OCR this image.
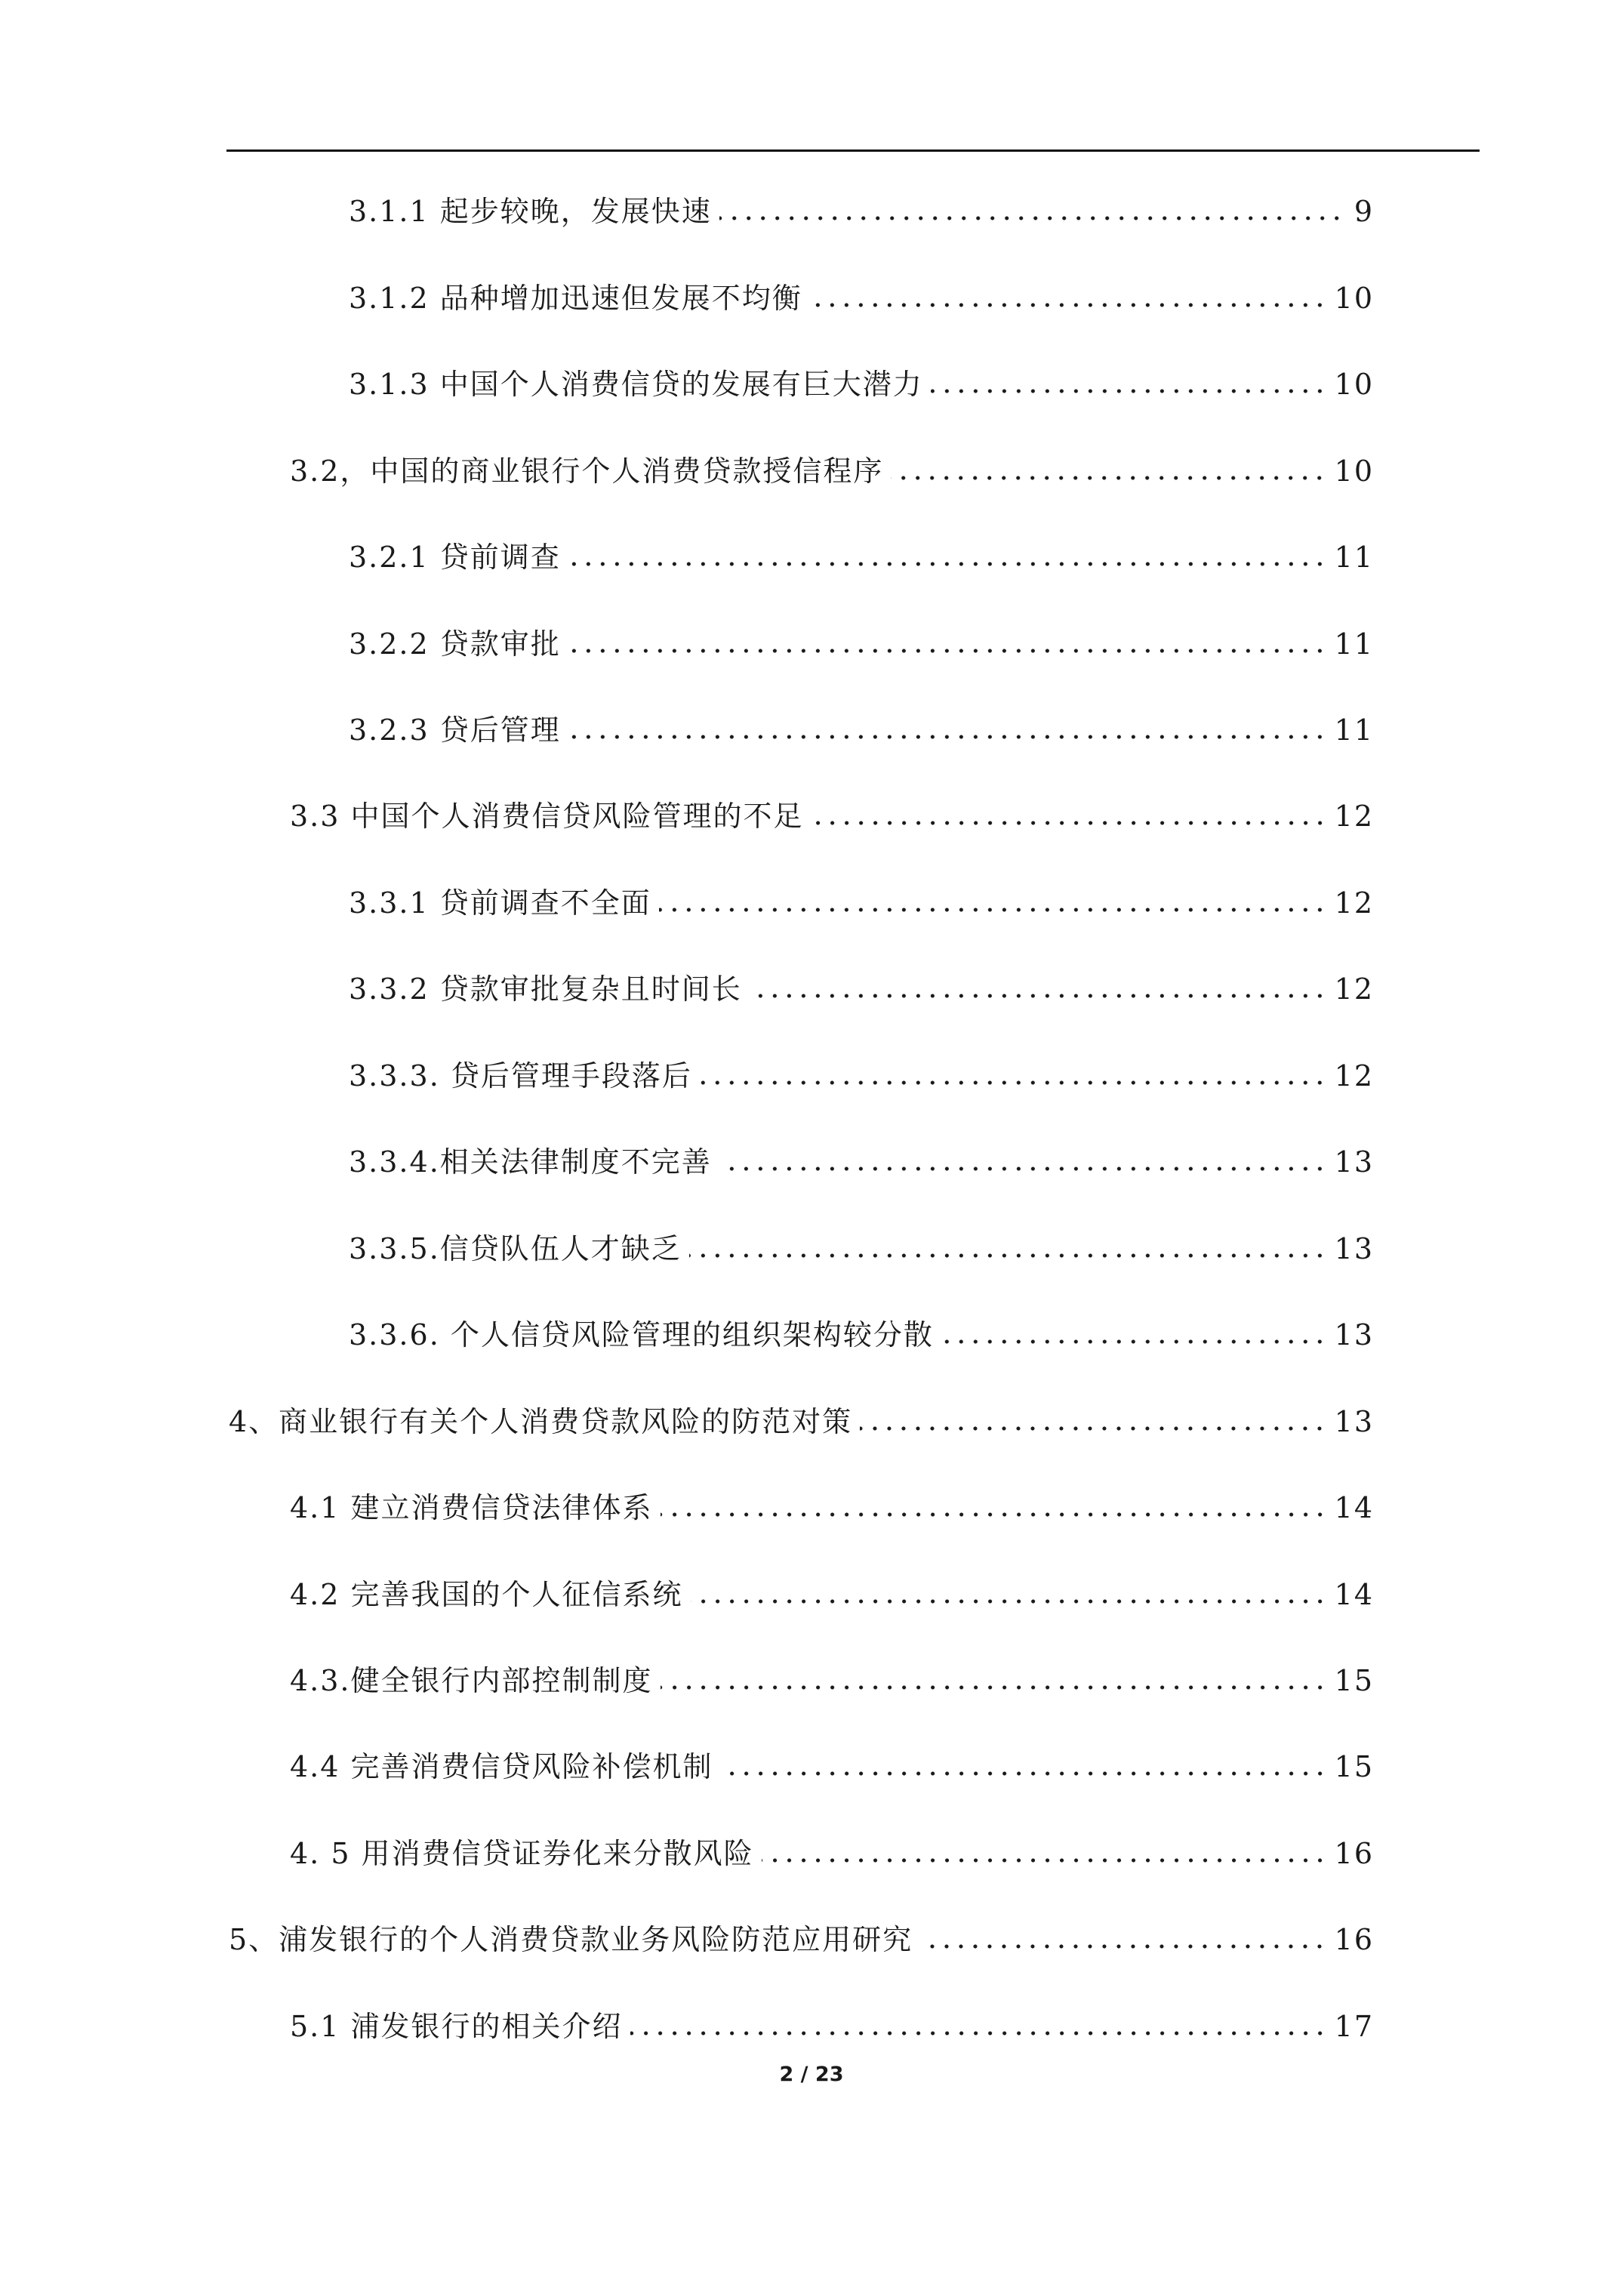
3.1.1 起步较晚，发展快速	9
3.1.2 品种增加迅速但发展不均衡	10
3.1.3 中国个人消费信贷的发展有巨大潜力	10
3.2，中国的商业银行个人消费贷款授信程序	10
3.2.1 贷前调查	11
3.2.2 贷款审批	11
3.2.3 贷后管理	11
3.3 中国个人消费信贷风险管理的不足	12
3.3.1 贷前调查不全面	12
3.3.2 贷款审批复杂且时间长	12
3.3.3. 贷后管理手段落后	12
3.3.4.相关法律制度不完善	13
3.3.5.信贷队伍人才缺乏	13
3.3.6. 个人信贷风险管理的组织架构较分散	13
4、商业银行有关个人消费贷款风险的防范对策	13
4.1 建立消费信贷法律体系	14
4.2 完善我国的个人征信系统	14
4.3.健全银行内部控制制度	15
4.4 完善消费信贷风险补偿机制	15
4. 5 用消费信贷证券化来分散风险	16
5、浦发银行的个人消费贷款业务风险防范应用研究	16
5.1 浦发银行的相关介绍	17
2 / 23
